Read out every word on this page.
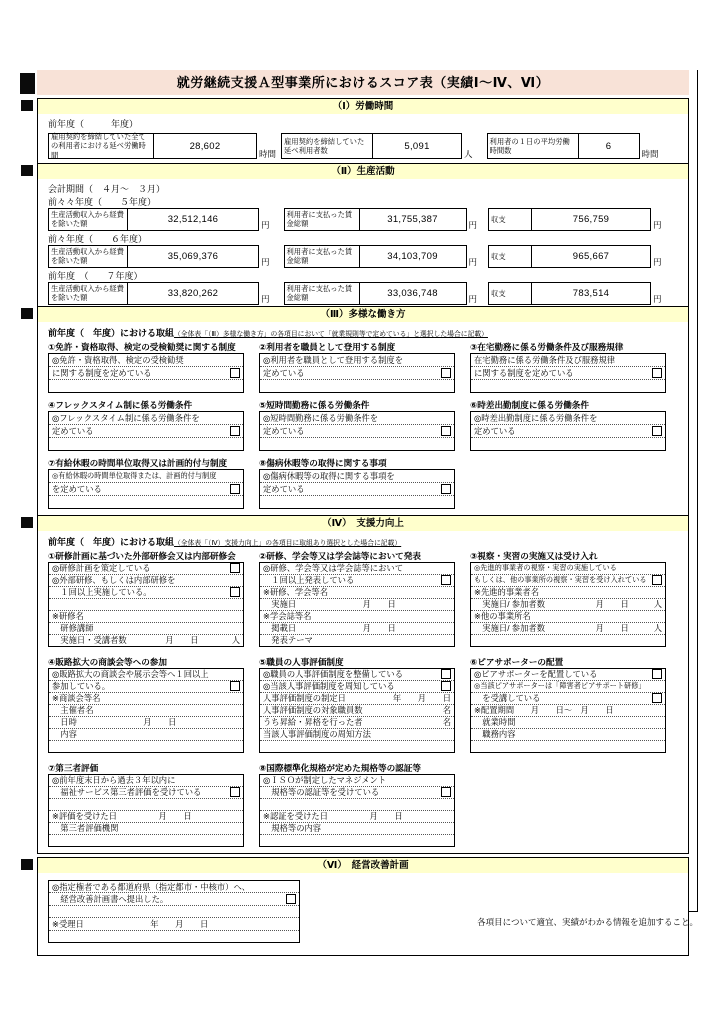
就労継続支援Ａ型事業所におけるスコア表（実績Ⅰ～Ⅳ、Ⅵ）
（Ⅰ）労働時間
前年度（　　　年度）
雇用契約を締結していた全ての利用者における延べ労働時間
28,602
時間
雇用契約を締結していた延べ利用者数	5,091
人
利用者の１日の平均労働時間数	6
時間
（Ⅱ）生産活動
会計期間（　４月～　３月）
前々々年度（　　５年度）
生産活動収入から経費を除いた額	32,512,146
円
利用者に支払った賃金総額	31,755,387
円
収支	756,759
円
前々年度（　　６年度）
生産活動収入から経費を除いた額	35,069,376
円
利用者に支払った賃金総額	34,103,709
円
収支	965,667
円
前年度　（　　７年度）
生産活動収入から経費を除いた額	33,820,262
円
利用者に支払った賃金総額	33,036,748
円
収支	783,514
円
（Ⅲ）多様な働き方
前年度（　年度）における取組（全体表「（Ⅲ）多様な働き方」の各項目において「就業規則等で定めている」と選択した場合に記載）
①免許・資格取得、検定の受検勧奨に関する制度
◎免許・資格取得、検定の受検勧奨
に関する制度を定めている

②利用者を職員として登用する制度
◎利用者を職員として登用する制度を
定めている

③在宅勤務に係る労働条件及び服務規律
在宅勤務に係る労働条件及び服務規律
に関する制度を定めている

④フレックスタイム制に係る労働条件
◎フレックスタイム制に係る労働条件を
定めている

⑤短時間勤務に係る労働条件
◎短時間勤務に係る労働条件を
定めている

⑥時差出勤制度に係る労働条件
◎時差出勤制度に係る労働条件を
定めている

⑦有給休暇の時間単位取得又は計画的付与制度
◎有給休暇の時間単位取得または、計画的付与制度
を定めている

⑧傷病休暇等の取得に関する事項
◎傷病休暇等の取得に関する事項を
定めている

（Ⅳ）　支援力向上
前年度（　年度）における取組（全体表「（Ⅳ）支援力向上」の各項目に取組あり選択とした場合に記載）
①研修計画に基づいた外部研修会又は内部研修会
◎研修計画を策定している
◎外部研修、もしくは内部研修を
　１回以上実施している。

※研修名
　研修講師
　実施日・受講者数	月　　日　　　　人
②研修、学会等又は学会誌等において発表
◎研修、学会等又は学会誌等において
　１回以上発表している
※研修、学会等名
　実施日　　　　　　　　月　　日
※学会誌等名
　掲載日　　　　　　　　月　　日
　発表テーマ
③視察・実習の実施又は受け入れ
◎先進的事業者の視察・実習の実施している
もしくは、他の事業所の視察・実習を受け入れている
※先進的事業者名
　実施日/ 参加者数	月　　日　　　人
※他の事業所名
　実施日/ 参加者数	月　　日　　　人

④販路拡大の商談会等への参加
◎販路拡大の商談会や展示会等へ１回以上
参加している。
※商談会等名
　主催者名
　日時　　　　　　　　月　　日
　内容

⑤職員の人事評価制度
◎職員の人事評価制度を整備している
◎当該人事評価制度を周知している
人事評価制度の制定日	年　　月　　日
人事評価制度の対象職員数	名
うち昇給・昇格を行った者	名
当該人事評価制度の周知方法

⑥ピアサポーターの配置
◎ピアサポーターを配置している
◎当該ピアサポーターは「障害者ピアサポート研修」
　を受講している
※配置期間　　月　　日～　月　　日
　就業時間
　職務内容

⑦第三者評価
◎前年度末日から過去３年以内に
　福祉サービス第三者評価を受けている

※評価を受けた日　　　　　月　　日
　第三者評価機関

⑧国際標準化規格が定めた規格等の認証等
◎ＩＳＯが制定したマネジメント
　規格等の認証等を受けている

※認証を受けた日　　　　　月　　日
　規格等の内容

（Ⅵ）　経営改善計画
◎指定権者である都道府県（指定都市・中核市）へ、
　経営改善計画書へ提出した。

※受理日　　　　　　　　年　　月　　日
	各項目について適宜、実績がわかる情報を追加すること。
